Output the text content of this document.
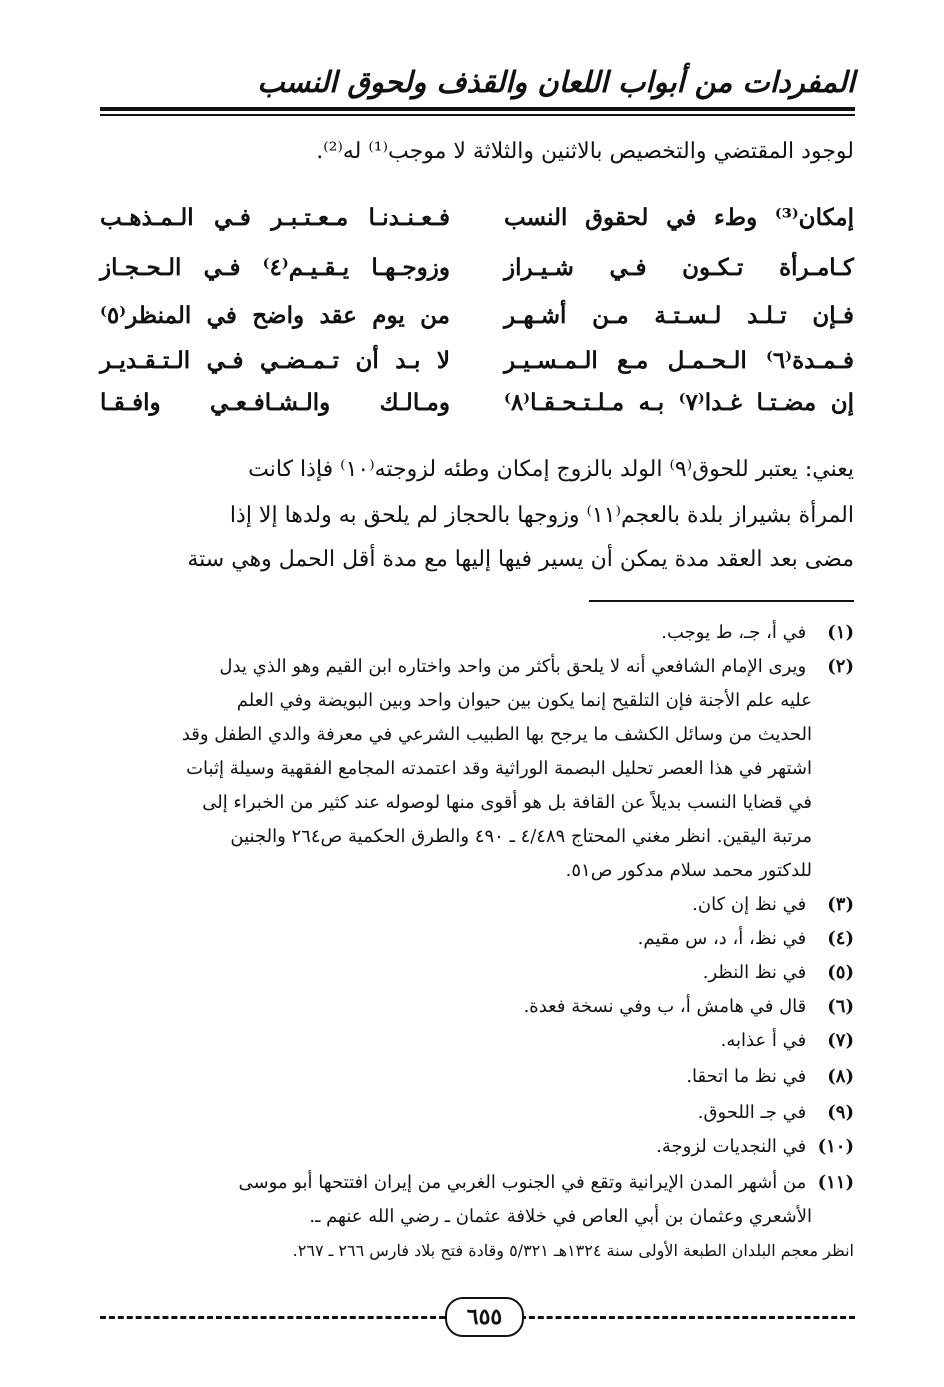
المفردات من أبواب اللعان والقذف ولحوق النسب
لوجود المقتضي والتخصيص بالاثنين والثلاثة لا موجب⁽¹⁾ له⁽²⁾.
إمكان⁽³⁾ وطء في لحقوق النسب
فـعـنـدنـا مـعـتـبـر فـي الـمـذهـب
كـامـرأة تـكـون فـي شـيـراز
وزوجـهـا يـقـيـم⁽٤⁾ فـي الـحـجـاز
فـإن تـلـد لـسـتـة مـن أشـهـر
من يوم عقد واضح في المنظر⁽٥⁾
فـمـدة⁽٦⁾ الـحـمـل مـع الـمـسـيـر
لا بـد أن تـمـضـي فـي الـتـقـديـر
إن مضـتـا غـدا⁽٧⁾ بـه مـلـتـحـقـا⁽٨⁾
ومـالـك والـشـافـعـي وافـقـا
يعني: يعتبر للحوق⁽٩⁾ الولد بالزوج إمكان وطئه لزوجته⁽١٠⁾ فإذا كانت
المرأة بشيراز بلدة بالعجم⁽١١⁾ وزوجها بالحجاز لم يلحق به ولدها إلا إذا
مضى بعد العقد مدة يمكن أن يسير فيها إليها مع مدة أقل الحمل وهي ستة
(١) في أ، جـ، ط يوجب.
(٢) ويرى الإمام الشافعي أنه لا يلحق بأكثر من واحد واختاره ابن القيم وهو الذي يدل
عليه علم الأجنة فإن التلقيح إنما يكون بين حيوان واحد وبين البويضة وفي العلم
الحديث من وسائل الكشف ما يرجح بها الطبيب الشرعي في معرفة والدي الطفل وقد
اشتهر في هذا العصر تحليل البصمة الوراثية وقد اعتمدته المجامع الفقهية وسيلة إثبات
في قضايا النسب بديلاً عن القافة بل هو أقوى منها لوصوله عند كثير من الخبراء إلى
مرتبة اليقين. انظر مغني المحتاج ٤/٤٨٩ ـ ٤٩٠ والطرق الحكمية ص٢٦٤ والجنين
للدكتور محمد سلام مدكور ص٥١.
(٣) في نظ إن كان.
(٤) في نظ، أ، د، س مقيم.
(٥) في نظ النظر.
(٦) قال في هامش أ، ب وفي نسخة فعدة.
(٧) في أ عذابه.
(٨) في نظ ما اتحقا.
(٩) في جـ اللحوق.
(١٠) في النجديات لزوجة.
(١١) من أشهر المدن الإيرانية وتقع في الجنوب الغربي من إيران افتتحها أبو موسى
الأشعري وعثمان بن أبي العاص في خلافة عثمان ـ رضي الله عنهم ـ.
انظر معجم البلدان الطبعة الأولى سنة ١٣٢٤هـ ٥/٣٢١ وقادة فتح بلاد فارس ٢٦٦ ـ ٢٦٧.
٦٥٥
